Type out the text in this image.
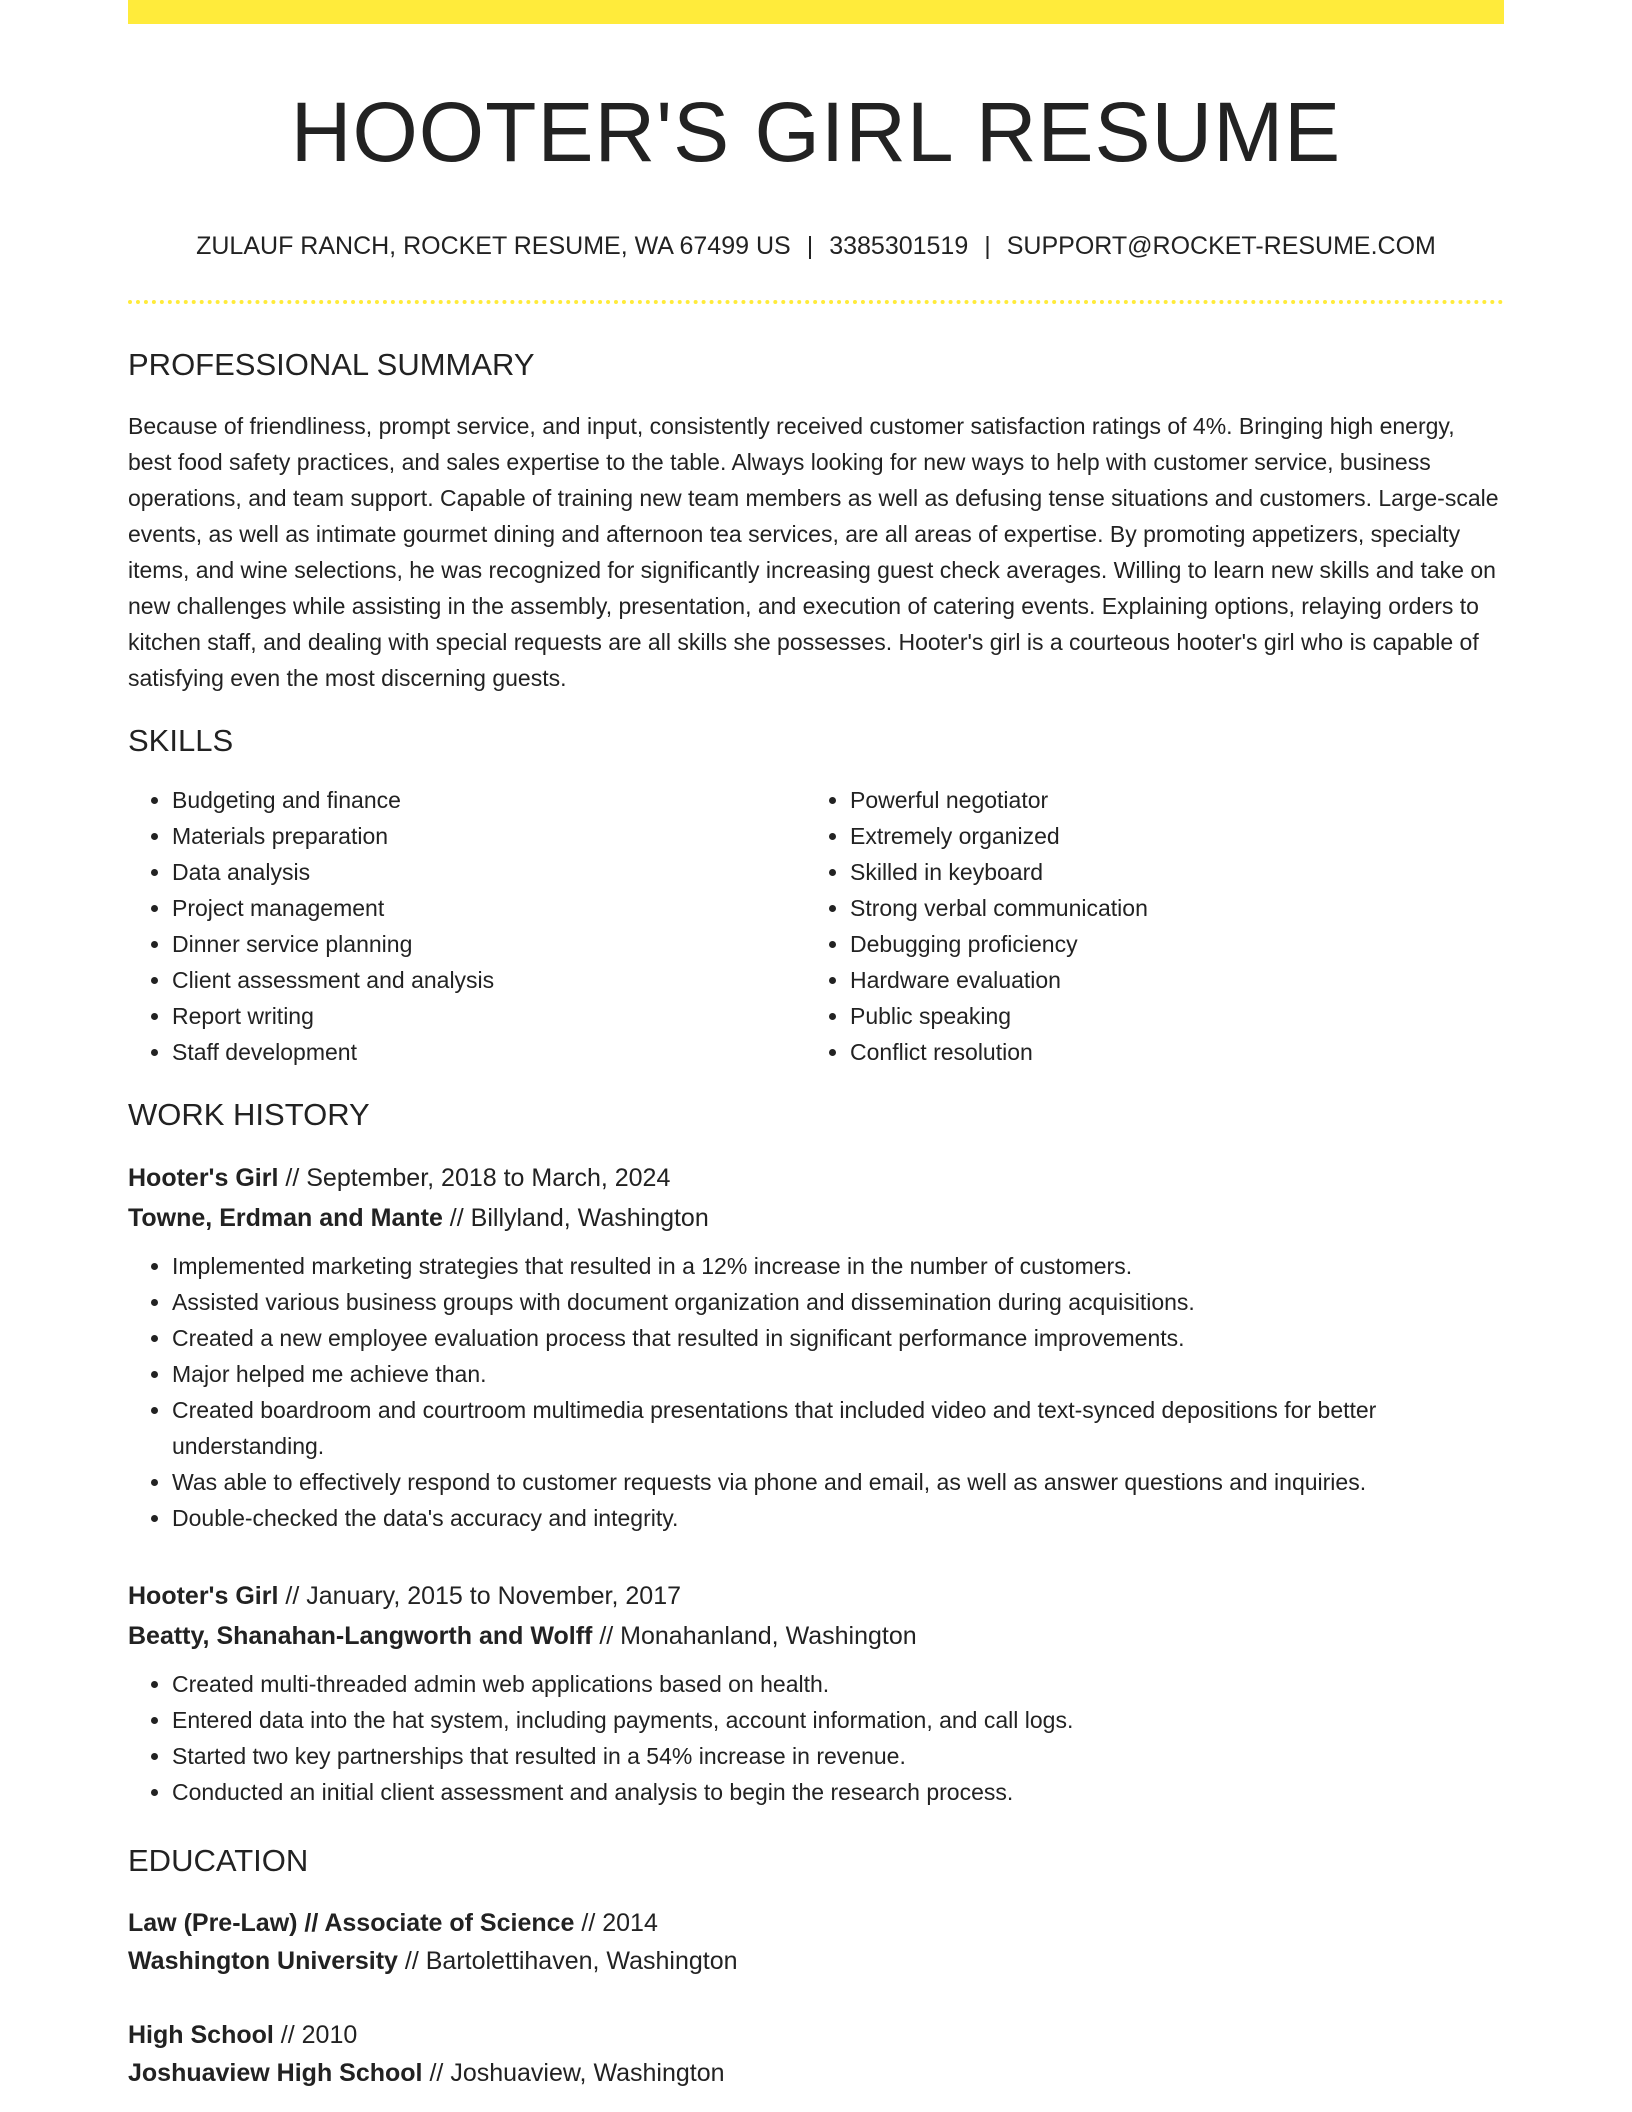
HOOTER'S GIRL RESUME
ZULAUF RANCH, ROCKET RESUME, WA 67499 US | 3385301519 | SUPPORT@ROCKET-RESUME.COM
PROFESSIONAL SUMMARY
Because of friendliness, prompt service, and input, consistently received customer satisfaction ratings of 4%. Bringing high energy, best food safety practices, and sales expertise to the table. Always looking for new ways to help with customer service, business operations, and team support. Capable of training new team members as well as defusing tense situations and customers. Large-scale events, as well as intimate gourmet dining and afternoon tea services, are all areas of expertise. By promoting appetizers, specialty items, and wine selections, he was recognized for significantly increasing guest check averages. Willing to learn new skills and take on new challenges while assisting in the assembly, presentation, and execution of catering events. Explaining options, relaying orders to kitchen staff, and dealing with special requests are all skills she possesses. Hooter's girl is a courteous hooter's girl who is capable of satisfying even the most discerning guests.
SKILLS
• Budgeting and finance
• Materials preparation
• Data analysis
• Project management
• Dinner service planning
• Client assessment and analysis
• Report writing
• Staff development
• Powerful negotiator
• Extremely organized
• Skilled in keyboard
• Strong verbal communication
• Debugging proficiency
• Hardware evaluation
• Public speaking
• Conflict resolution
WORK HISTORY
Hooter's Girl // September, 2018 to March, 2024
Towne, Erdman and Mante // Billyland, Washington
• Implemented marketing strategies that resulted in a 12% increase in the number of customers.
• Assisted various business groups with document organization and dissemination during acquisitions.
• Created a new employee evaluation process that resulted in significant performance improvements.
• Major helped me achieve than.
• Created boardroom and courtroom multimedia presentations that included video and text-synced depositions for better understanding.
• Was able to effectively respond to customer requests via phone and email, as well as answer questions and inquiries.
• Double-checked the data's accuracy and integrity.
Hooter's Girl // January, 2015 to November, 2017
Beatty, Shanahan-Langworth and Wolff // Monahanland, Washington
• Created multi-threaded admin web applications based on health.
• Entered data into the hat system, including payments, account information, and call logs.
• Started two key partnerships that resulted in a 54% increase in revenue.
• Conducted an initial client assessment and analysis to begin the research process.
EDUCATION
Law (Pre-Law) // Associate of Science // 2014
Washington University // Bartolettihaven, Washington
High School // 2010
Joshuaview High School // Joshuaview, Washington
